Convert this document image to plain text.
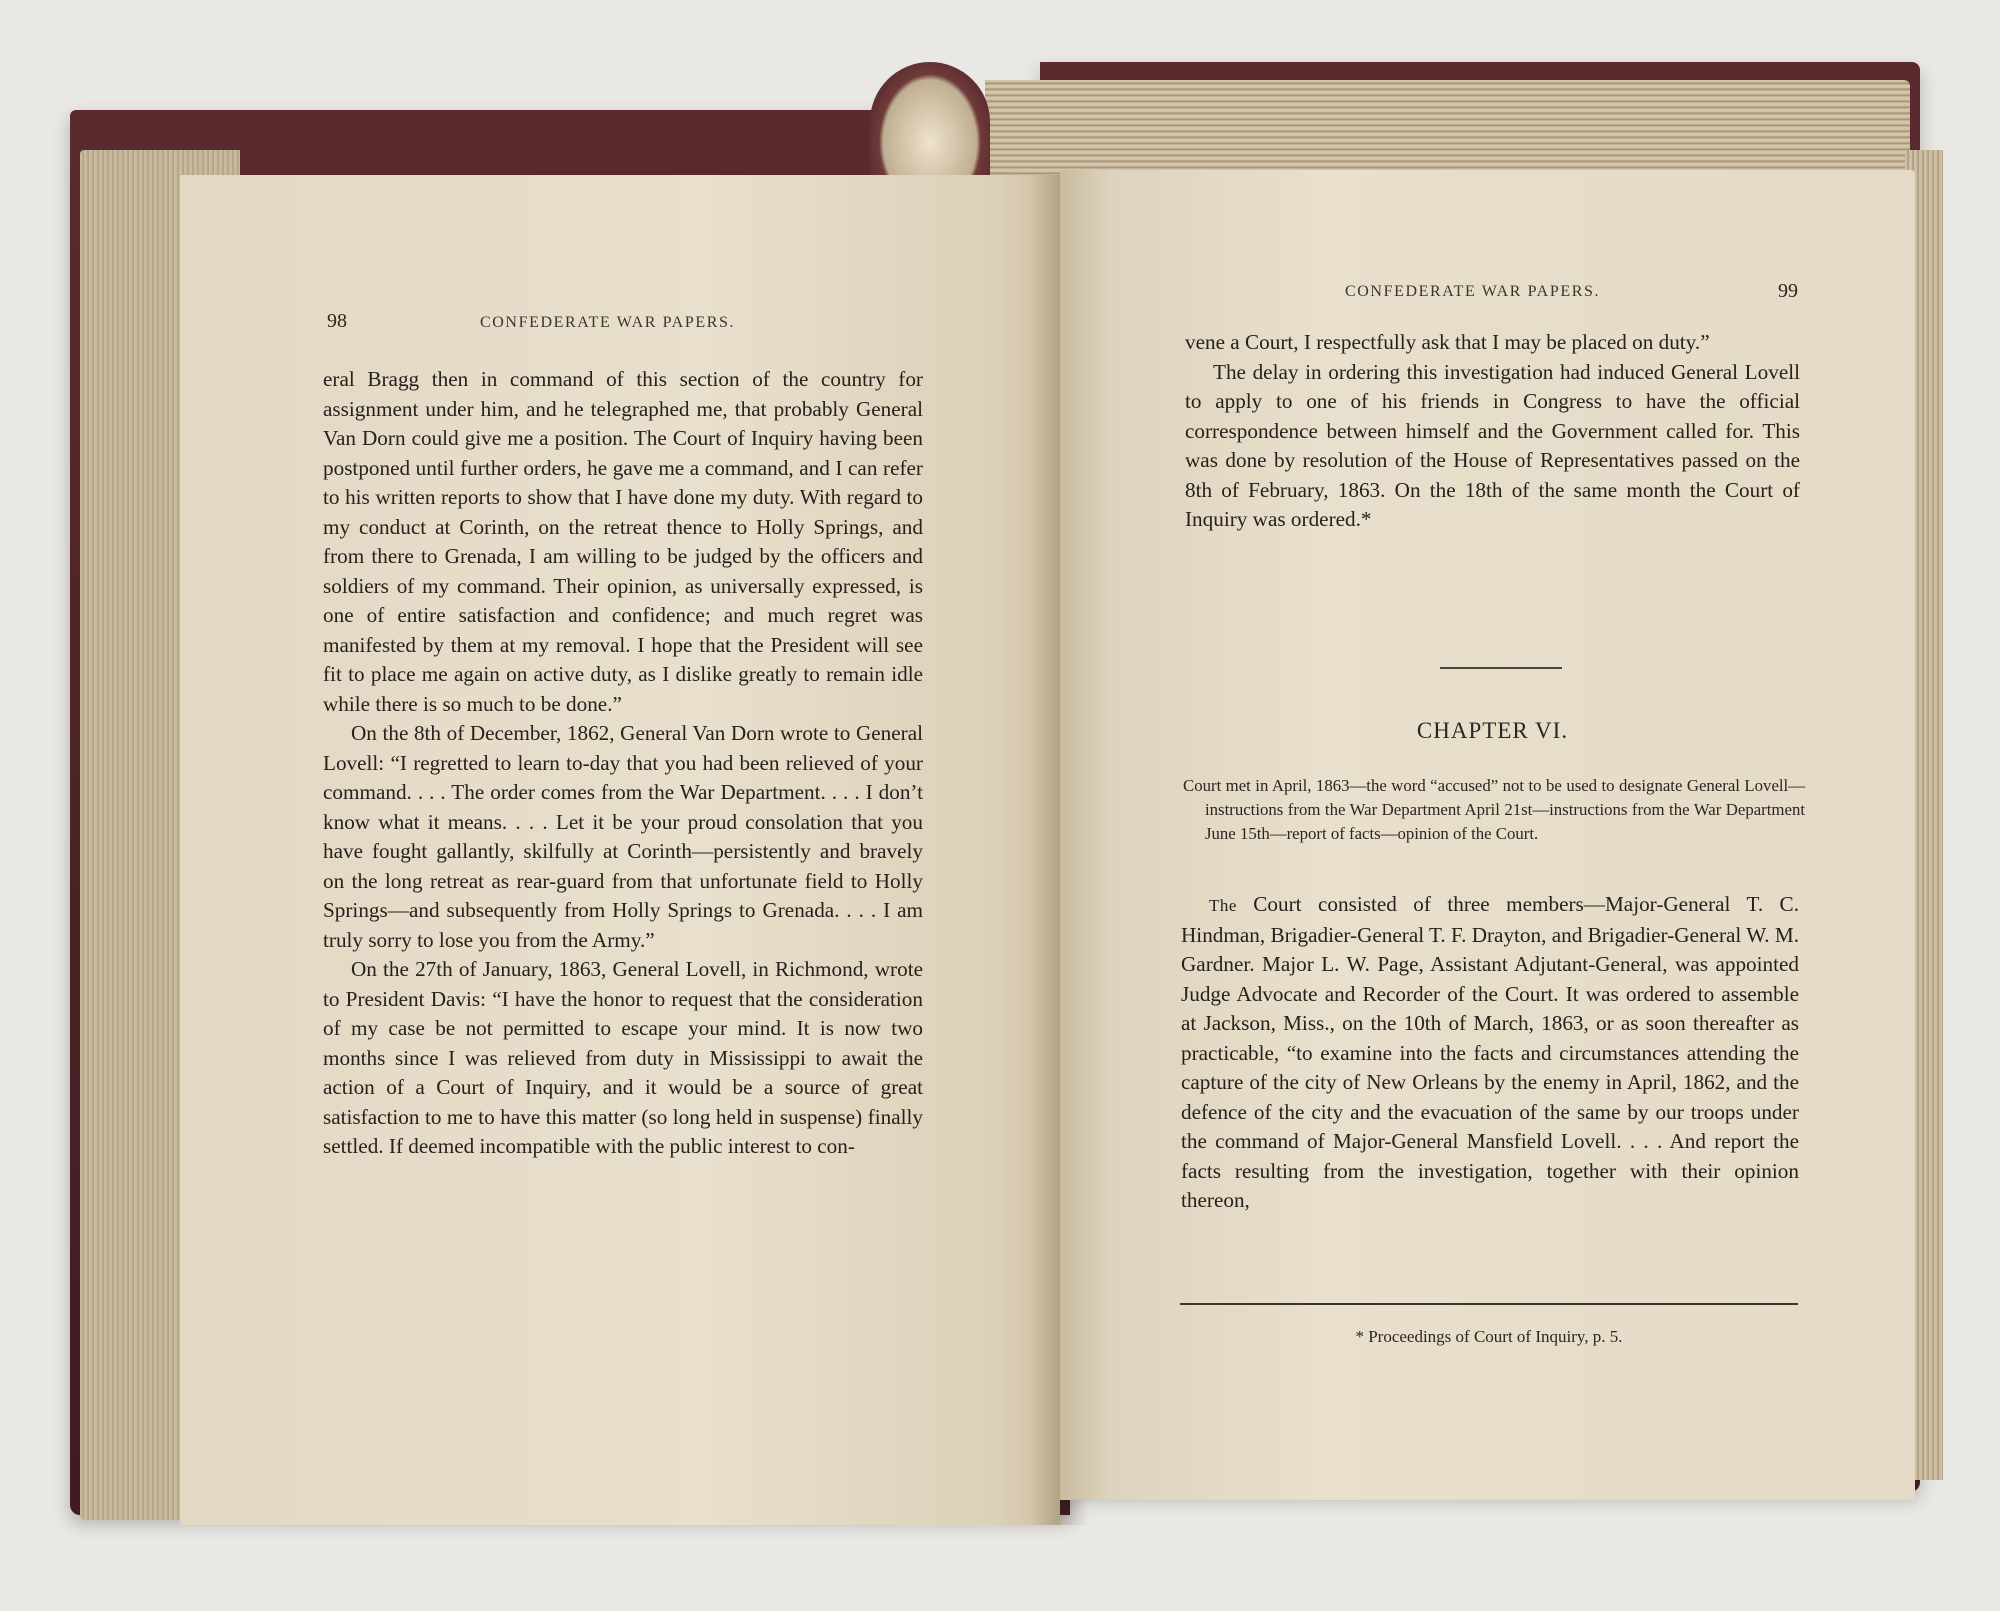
98	CONFEDERATE WAR PAPERS.

eral Bragg then in command of this section of the country for assignment under him, and he telegraphed me, that probably General Van Dorn could give me a position. The Court of Inquiry having been postponed until further orders, he gave me a command, and I can refer to his written reports to show that I have done my duty. With regard to my conduct at Corinth, on the retreat thence to Holly Springs, and from there to Grenada, I am willing to be judged by the officers and soldiers of my command. Their opinion, as universally expressed, is one of entire satisfaction and confidence; and much regret was manifested by them at my removal. I hope that the President will see fit to place me again on active duty, as I dislike greatly to remain idle while there is so much to be done.”

On the 8th of December, 1862, General Van Dorn wrote to General Lovell: “I regretted to learn to-day that you had been relieved of your command. . . . The order comes from the War Department. . . . I don’t know what it means. . . . Let it be your proud consolation that you have fought gallantly, skilfully at Corinth—persistently and bravely on the long retreat as rear-guard from that unfortunate field to Holly Springs—and subsequently from Holly Springs to Grenada. . . . I am truly sorry to lose you from the Army.”

On the 27th of January, 1863, General Lovell, in Richmond, wrote to President Davis: “I have the honor to request that the consideration of my case be not permitted to escape your mind. It is now two months since I was relieved from duty in Mississippi to await the action of a Court of Inquiry, and it would be a source of great satisfaction to me to have this matter (so long held in suspense) finally settled. If deemed incompatible with the public interest to con-

CONFEDERATE WAR PAPERS.	99

vene a Court, I respectfully ask that I may be placed on duty.”

The delay in ordering this investigation had induced General Lovell to apply to one of his friends in Congress to have the official correspondence between himself and the Government called for. This was done by resolution of the House of Representatives passed on the 8th of February, 1863. On the 18th of the same month the Court of Inquiry was ordered.*

CHAPTER VI.
Court met in April, 1863—the word “accused” not to be used to designate General Lovell—instructions from the War Department April 21st—instructions from the War Department June 15th—report of facts—opinion of the Court.

The Court consisted of three members—Major-General T. C. Hindman, Brigadier-General T. F. Drayton, and Brigadier-General W. M. Gardner. Major L. W. Page, Assistant Adjutant-General, was appointed Judge Advocate and Recorder of the Court. It was ordered to assemble at Jackson, Miss., on the 10th of March, 1863, or as soon thereafter as practicable, “to examine into the facts and circumstances attending the capture of the city of New Orleans by the enemy in April, 1862, and the defence of the city and the evacuation of the same by our troops under the command of Major-General Mansfield Lovell. . . . And report the facts resulting from the investigation, together with their opinion thereon,

* Proceedings of Court of Inquiry, p. 5.
